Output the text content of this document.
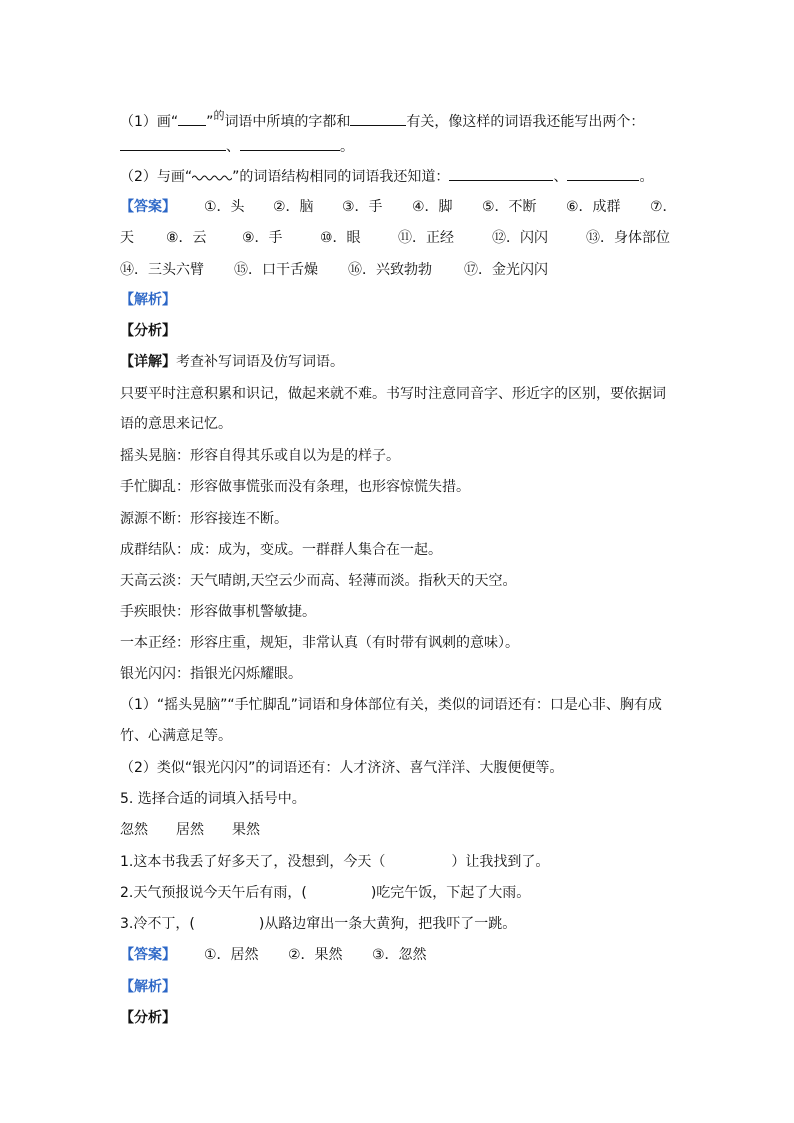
（1）画“ ”$^的$词语中所填的字都和	有关，像这样的词语我还能写出两个：
、	。
（2）与画“	”的词语结构相同的词语我还知道：	、	。
【答案】 ①．头 ②．脑 ③．手 ④．脚 ⑤．不断 ⑥．成群 ⑦．
天 ⑧．云	⑨．手	⑩．眼	⑪．正经	⑫．闪闪	⑬．身体部位
⑭．三头六臂 ⑮．口干舌燥 ⑯．兴致勃勃 ⑰．金光闪闪
【解析】
【分析】
【详解】考查补写词语及仿写词语。
只要平时注意积累和识记，做起来就不难。书写时注意同音字、形近字的区别，要依据词
语的意思来记忆。
摇头晃脑：形容自得其乐或自以为是的样子。
手忙脚乱：形容做事慌张而没有条理，也形容惊慌失措。
源源不断：形容接连不断。
成群结队：成：成为，变成。一群群人集合在一起。
天高云淡：天气晴朗,天空云少而高、轻薄而淡。指秋天的天空。
手疾眼快：形容做事机警敏捷。
一本正经：形容庄重，规矩，非常认真（有时带有讽刺的意味）。
银光闪闪：指银光闪烁耀眼。
（1）“摇头晃脑”“手忙脚乱”词语和身体部位有关，类似的词语还有：口是心非、胸有成
竹、心满意足等。
（2）类似“银光闪闪”的词语还有：人才济济、喜气洋洋、大腹便便等。
5. 选择合适的词填入括号中。
忽然 居然 果然
1.这本书我丢了好多天了，没想到，今天（	）让我找到了。
2.天气预报说今天午后有雨，(	)吃完午饭，下起了大雨。
3.冷不丁，(	)从路边窜出一条大黄狗，把我吓了一跳。
【答案】 ①．居然 ②．果然 ③．忽然
【解析】
【分析】
